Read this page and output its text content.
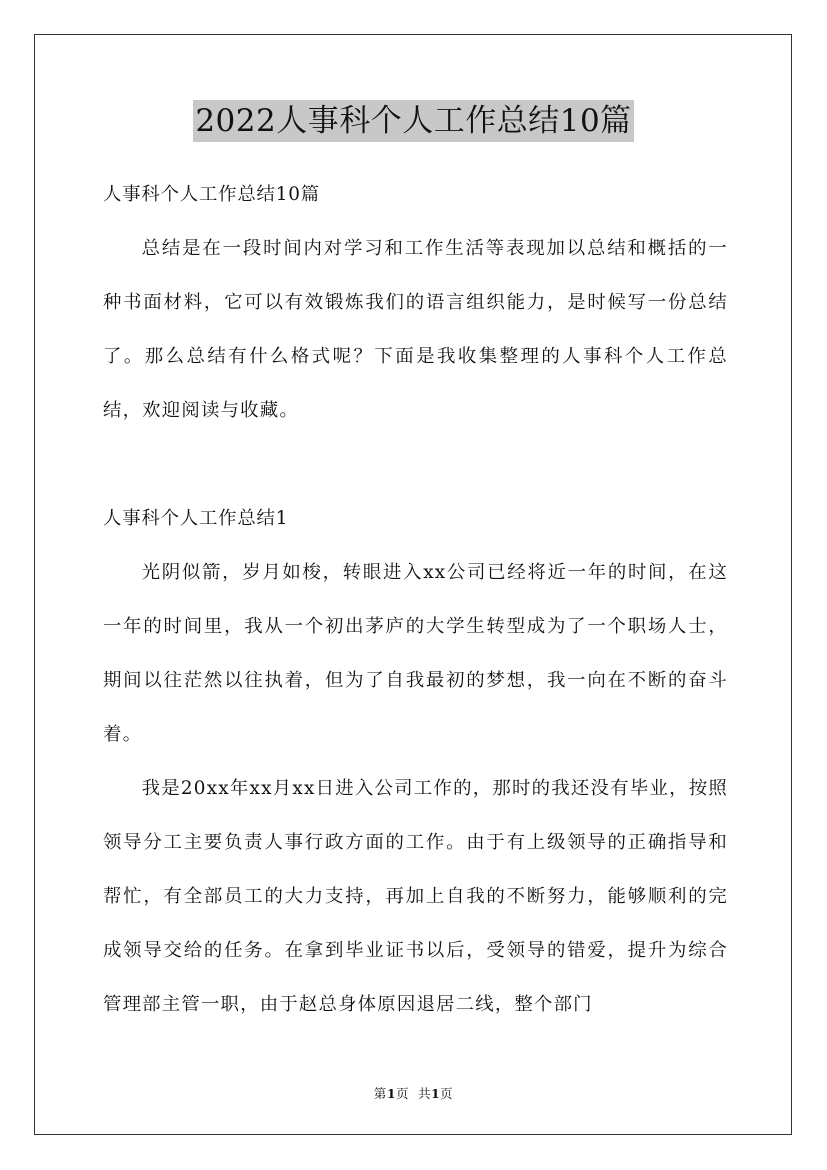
2022人事科个人工作总结10篇

人事科个人工作总结10篇

总结是在一段时间内对学习和工作生活等表现加以总结和概括的一种书面材料，它可以有效锻炼我们的语言组织能力，是时候写一份总结了。那么总结有什么格式呢？下面是我收集整理的人事科个人工作总结，欢迎阅读与收藏。

人事科个人工作总结1

光阴似箭，岁月如梭，转眼进入xx公司已经将近一年的时间，在这一年的时间里，我从一个初出茅庐的大学生转型成为了一个职场人士，期间以往茫然以往执着，但为了自我最初的梦想，我一向在不断的奋斗着。

我是20xx年xx月xx日进入公司工作的，那时的我还没有毕业，按照领导分工主要负责人事行政方面的工作。由于有上级领导的正确指导和帮忙，有全部员工的大力支持，再加上自我的不断努力，能够顺利的完成领导交给的任务。在拿到毕业证书以后，受领导的错爱，提升为综合管理部主管一职，由于赵总身体原因退居二线，整个部门

第1页  共1页
